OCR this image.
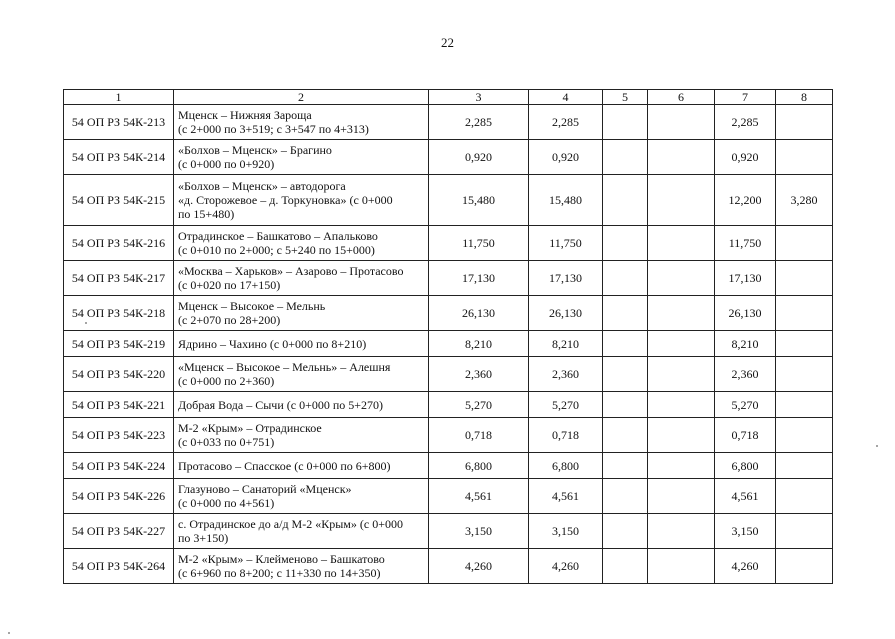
22
1	2	3	4	5	6	7	8
54 ОП РЗ 54К-213	Мценск – Нижняя Зароща
(с 2+000 по 3+519; с 3+547 по 4+313)	2,285	2,285			2,285	
54 ОП РЗ 54К-214	«Болхов – Мценск» – Брагино
(с 0+000 по 0+920)	0,920	0,920			0,920	
54 ОП РЗ 54К-215	«Болхов – Мценск» – автодорога
«д. Сторожевое – д. Торкуновка» (с 0+000
по 15+480)	15,480	15,480			12,200	3,280
54 ОП РЗ 54К-216	Отрадинское – Башкатово – Апальково
(с 0+010 по 2+000; с 5+240 по 15+000)	11,750	11,750			11,750	
54 ОП РЗ 54К-217	«Москва – Харьков» – Азарово – Протасово
(с 0+020 по 17+150)	17,130	17,130			17,130	
54 ОП РЗ 54К-218	Мценск – Высокое – Мельнь
(с 2+070 по 28+200)	26,130	26,130			26,130	
54 ОП РЗ 54К-219	Ядрино – Чахино (с 0+000 по 8+210)	8,210	8,210			8,210	
54 ОП РЗ 54К-220	«Мценск – Высокое – Мельнь» – Алешня
(с 0+000 по 2+360)	2,360	2,360			2,360	
54 ОП РЗ 54К-221	Добрая Вода – Сычи (с 0+000 по 5+270)	5,270	5,270			5,270	
54 ОП РЗ 54К-223	М-2 «Крым» – Отрадинское
(с 0+033 по 0+751)	0,718	0,718			0,718	
54 ОП РЗ 54К-224	Протасово – Спасское (с 0+000 по 6+800)	6,800	6,800			6,800	
54 ОП РЗ 54К-226	Глазуново – Санаторий «Мценск»
(с 0+000 по 4+561)	4,561	4,561			4,561	
54 ОП РЗ 54К-227	с. Отрадинское до а/д М-2 «Крым» (с 0+000
по 3+150)	3,150	3,150			3,150	
54 ОП РЗ 54К-264	М-2 «Крым» – Клейменово – Башкатово
(с 6+960 по 8+200; с 11+330 по 14+350)	4,260	4,260			4,260	
